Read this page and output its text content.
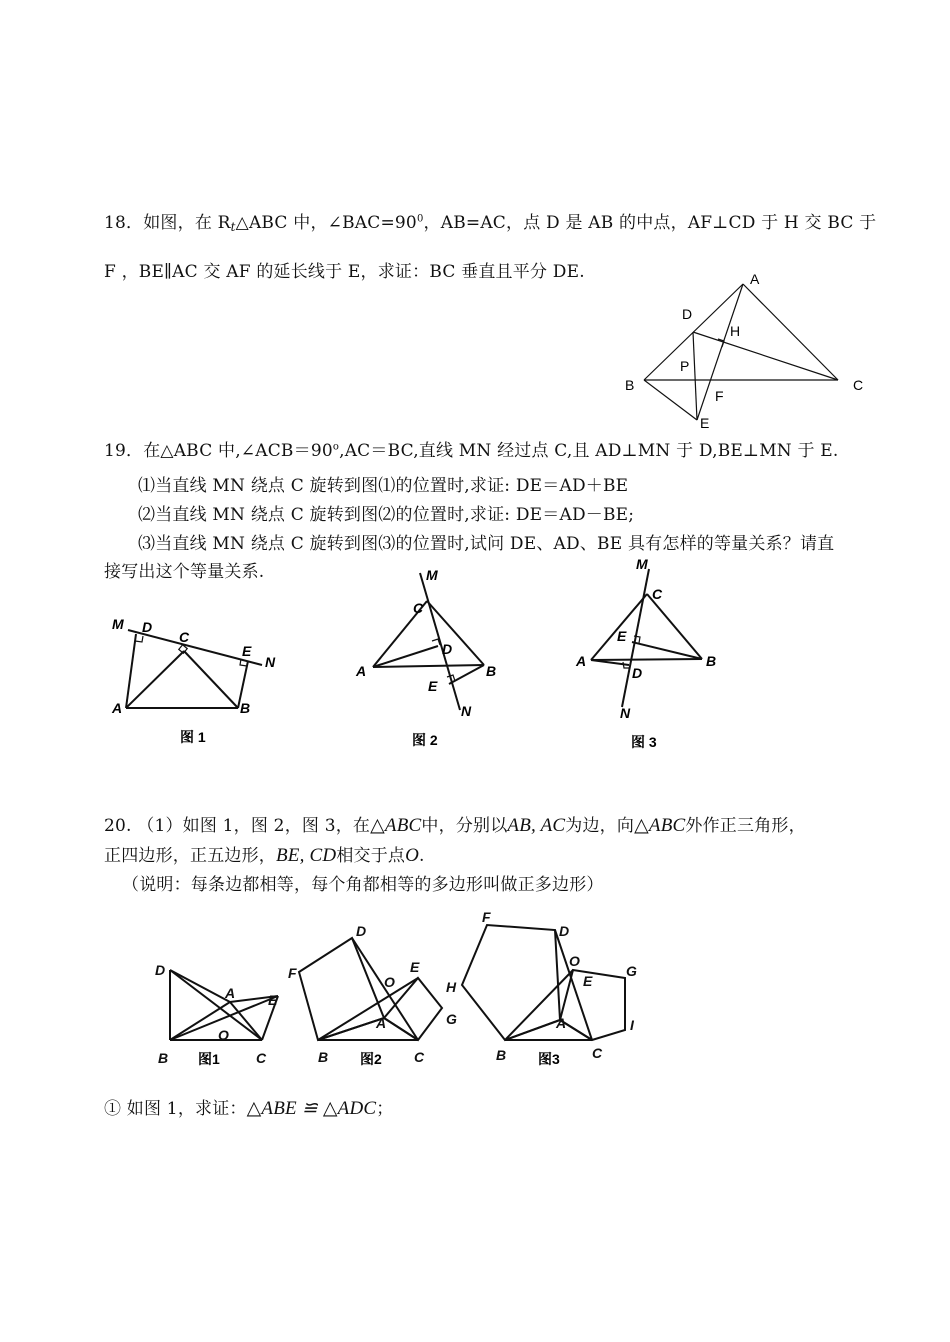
18．如图，在 Rt△ABC 中，$\angle BAC=90^0$，AB=AC，点 D 是 AB 的中点，AF⊥CD 于 H 交 BC 于
F ，BE∥AC 交 AF 的延长线于 E，求证：BC 垂直且平分 DE.	A
D
H
P
B	C
F
E
19．在△ABC 中$,\angle ACB=90^o,AC=BC$,直线 MN 经过点 C,且 AD⊥MN 于 D,BE⊥MN 于 E.
⑴当直线 MN 绕点 C 旋转到图⑴的位置时,求证: DE＝AD＋BE
⑵当直线 MN 绕点 C 旋转到图⑵的位置时,求证: DE＝AD－BE;
⑶当直线 MN 绕点 C 旋转到图⑶的位置时,试问 DE、AD、BE 具有怎样的等量关系？请直
接写出这个等量关系.
M D
C
E
N
A	B
图 1
M
C
D
A	B
E
N
图 2
M
C
E
A	B
D
N
图 3
20. （1）如图 1，图 2，图 3，在△ABC中，分别以AB, AC为边，向△ABC外作正三角形，
正四边形，正五边形，BE, CD相交于点O.
（说明：每条边都相等，每个角都相等的多边形叫做正多边形）
D
A E
O
B	C
D
F
O
E
A	G
B	C
F
D
O
E
G
H
A	I
B	C
图1	图2	图3
① 如图 1，求证：△ABE ≌ △ADC；
